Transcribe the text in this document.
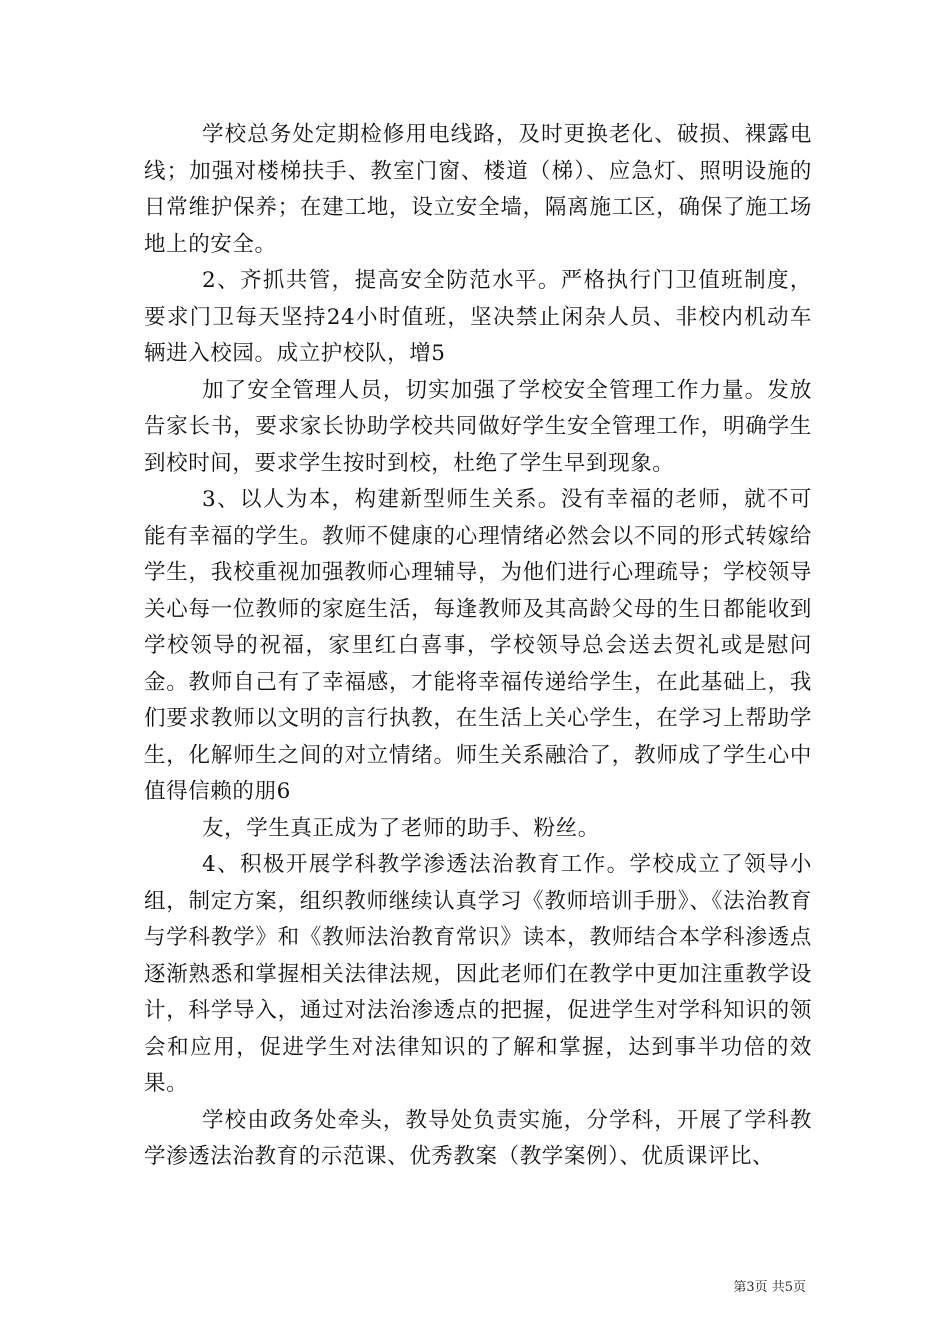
学校总务处定期检修用电线路，及时更换老化、破损、裸露电线；加强对楼梯扶手、教室门窗、楼道（梯）、应急灯、照明设施的日常维护保养；在建工地，设立安全墙，隔离施工区，确保了施工场地上的安全。

2、齐抓共管，提高安全防范水平。严格执行门卫值班制度，要求门卫每天坚持24小时值班，坚决禁止闲杂人员、非校内机动车辆进入校园。成立护校队，增5

加了安全管理人员，切实加强了学校安全管理工作力量。发放告家长书，要求家长协助学校共同做好学生安全管理工作，明确学生到校时间，要求学生按时到校，杜绝了学生早到现象。

3、以人为本，构建新型师生关系。没有幸福的老师，就不可能有幸福的学生。教师不健康的心理情绪必然会以不同的形式转嫁给学生，我校重视加强教师心理辅导，为他们进行心理疏导；学校领导关心每一位教师的家庭生活，每逢教师及其高龄父母的生日都能收到学校领导的祝福，家里红白喜事，学校领导总会送去贺礼或是慰问金。教师自己有了幸福感，才能将幸福传递给学生，在此基础上，我们要求教师以文明的言行执教，在生活上关心学生，在学习上帮助学生，化解师生之间的对立情绪。师生关系融洽了，教师成了学生心中值得信赖的朋6

友，学生真正成为了老师的助手、粉丝。

4、积极开展学科教学渗透法治教育工作。学校成立了领导小组，制定方案，组织教师继续认真学习《教师培训手册》、《法治教育与学科教学》和《教师法治教育常识》读本，教师结合本学科渗透点逐渐熟悉和掌握相关法律法规，因此老师们在教学中更加注重教学设计，科学导入，通过对法治渗透点的把握，促进学生对学科知识的领会和应用，促进学生对法律知识的了解和掌握，达到事半功倍的效果。

学校由政务处牵头，教导处负责实施，分学科，开展了学科教学渗透法治教育的示范课、优秀教案（教学案例）、优质课评比、

第3页 共5页
